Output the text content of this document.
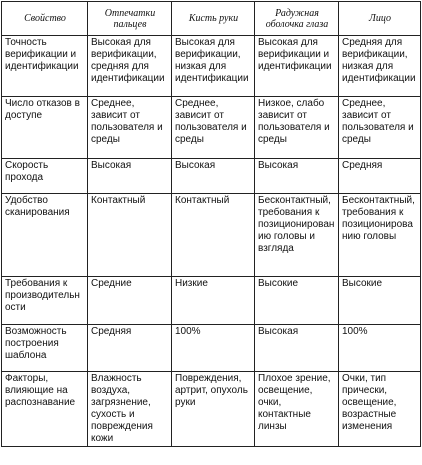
Свойство	Отпечатки пальцев	Кисть руки	Радужная оболочка глаза	Лицо
Точность верификации и идентификации	Высокая для верификации, средняя для идентификации	Высокая для верификации, низкая для идентификации	Высокая для верификации и идентификации	Средняя для верификации, низкая для идентификации
Число отказов в доступе	Среднее, зависит от пользователя и среды	Среднее, зависит от пользователя и среды	Низкое, слабо зависит от пользователя и среды	Среднее, зависит от пользователя и среды
Скорость прохода	Высокая	Высокая	Высокая	Средняя
Удобство сканирования	Контактный	Контактный	Бесконтактный, требования к позиционированию головы и взгляда	Бесконтактный, требования к позиционированию головы
Требования к производительности	Средние	Низкие	Высокие	Высокие
Возможность построения шаблона	Средняя	100%	Высокая	100%
Факторы, влияющие на распознавание	Влажность воздуха, загрязнение, сухость и повреждения кожи	Повреждения, артрит, опухоль руки	Плохое зрение, освещение, очки, контактные линзы	Очки, тип прически, освещение, возрастные изменения
